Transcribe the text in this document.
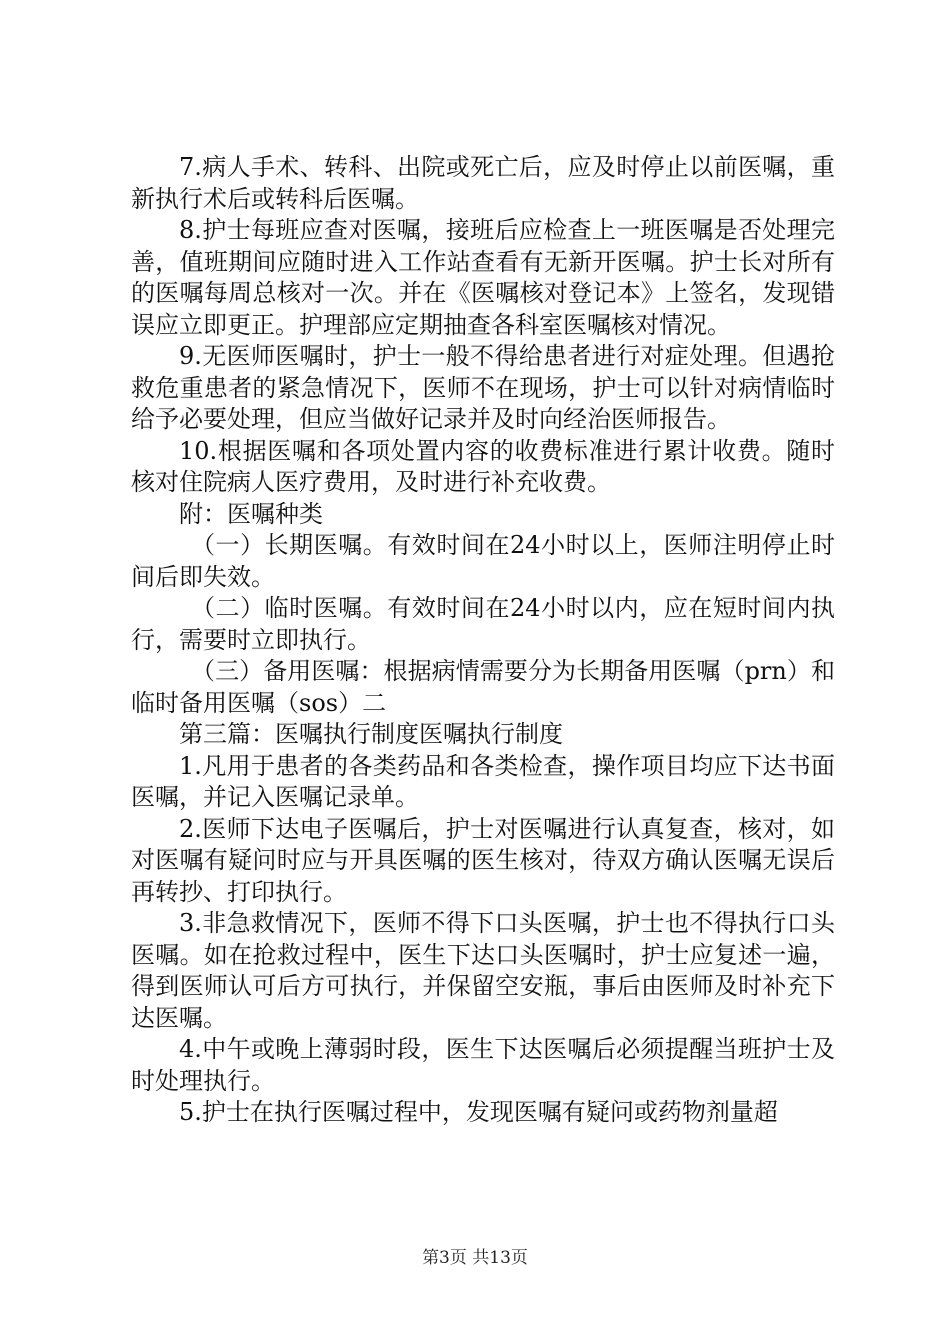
7.病人手术、转科、出院或死亡后，应及时停止以前医嘱，重新执行术后或转科后医嘱。

8.护士每班应查对医嘱，接班后应检查上一班医嘱是否处理完善，值班期间应随时进入工作站查看有无新开医嘱。护士长对所有的医嘱每周总核对一次。并在《医嘱核对登记本》上签名，发现错误应立即更正。护理部应定期抽查各科室医嘱核对情况。

9.无医师医嘱时，护士一般不得给患者进行对症处理。但遇抢救危重患者的紧急情况下，医师不在现场，护士可以针对病情临时给予必要处理，但应当做好记录并及时向经治医师报告。

10.根据医嘱和各项处置内容的收费标准进行累计收费。随时核对住院病人医疗费用，及时进行补充收费。

附：医嘱种类

（一）长期医嘱。有效时间在24小时以上，医师注明停止时间后即失效。

（二）临时医嘱。有效时间在24小时以内，应在短时间内执行，需要时立即执行。

（三）备用医嘱：根据病情需要分为长期备用医嘱（prn）和临时备用医嘱（sos）二

第三篇：医嘱执行制度医嘱执行制度

1.凡用于患者的各类药品和各类检查，操作项目均应下达书面医嘱，并记入医嘱记录单。

2.医师下达电子医嘱后，护士对医嘱进行认真复查，核对，如对医嘱有疑问时应与开具医嘱的医生核对，待双方确认医嘱无误后再转抄、打印执行。

3.非急救情况下，医师不得下口头医嘱，护士也不得执行口头医嘱。如在抢救过程中，医生下达口头医嘱时，护士应复述一遍，得到医师认可后方可执行，并保留空安瓶，事后由医师及时补充下达医嘱。

4.中午或晚上薄弱时段，医生下达医嘱后必须提醒当班护士及时处理执行。

5.护士在执行医嘱过程中，发现医嘱有疑问或药物剂量超

第3页 共13页
